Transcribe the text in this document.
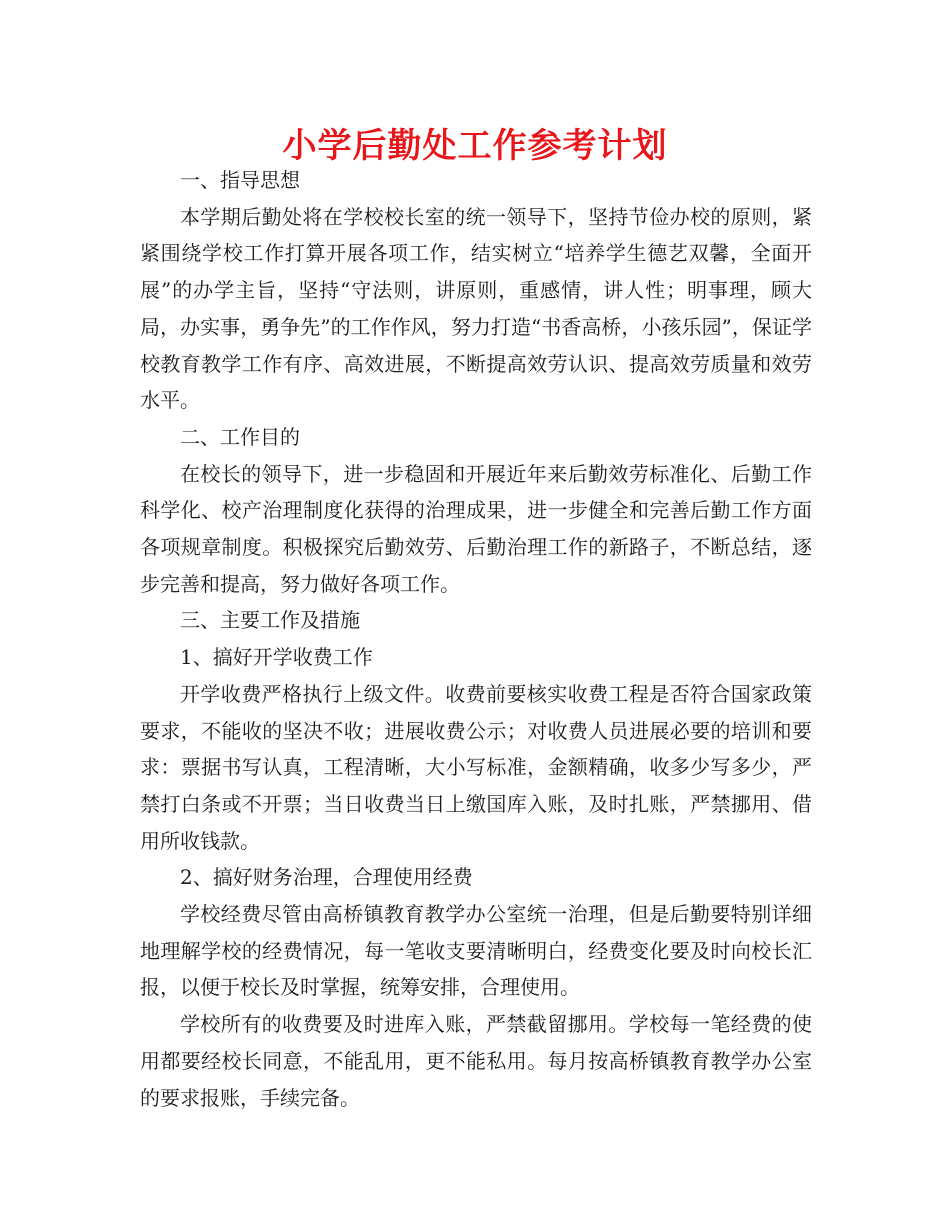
小学后勤处工作参考计划

一、指导思想

本学期后勤处将在学校校长室的统一领导下，坚持节俭办校的原则，紧紧围绕学校工作打算开展各项工作，结实树立“培养学生德艺双馨，全面开展”的办学主旨，坚持“守法则，讲原则，重感情，讲人性；明事理，顾大局，办实事，勇争先”的工作作风，努力打造“书香高桥，小孩乐园”，保证学校教育教学工作有序、高效进展，不断提高效劳认识、提高效劳质量和效劳水平。

二、工作目的

在校长的领导下，进一步稳固和开展近年来后勤效劳标准化、后勤工作科学化、校产治理制度化获得的治理成果，进一步健全和完善后勤工作方面各项规章制度。积极探究后勤效劳、后勤治理工作的新路子，不断总结，逐步完善和提高，努力做好各项工作。

三、主要工作及措施

1、搞好开学收费工作

开学收费严格执行上级文件。收费前要核实收费工程是否符合国家政策要求，不能收的坚决不收；进展收费公示；对收费人员进展必要的培训和要求：票据书写认真，工程清晰，大小写标准，金额精确，收多少写多少，严禁打白条或不开票；当日收费当日上缴国库入账，及时扎账，严禁挪用、借用所收钱款。

2、搞好财务治理，合理使用经费

学校经费尽管由高桥镇教育教学办公室统一治理，但是后勤要特别详细地理解学校的经费情况，每一笔收支要清晰明白，经费变化要及时向校长汇报，以便于校长及时掌握，统筹安排，合理使用。

学校所有的收费要及时进库入账，严禁截留挪用。学校每一笔经费的使用都要经校长同意，不能乱用，更不能私用。每月按高桥镇教育教学办公室的要求报账，手续完备。
